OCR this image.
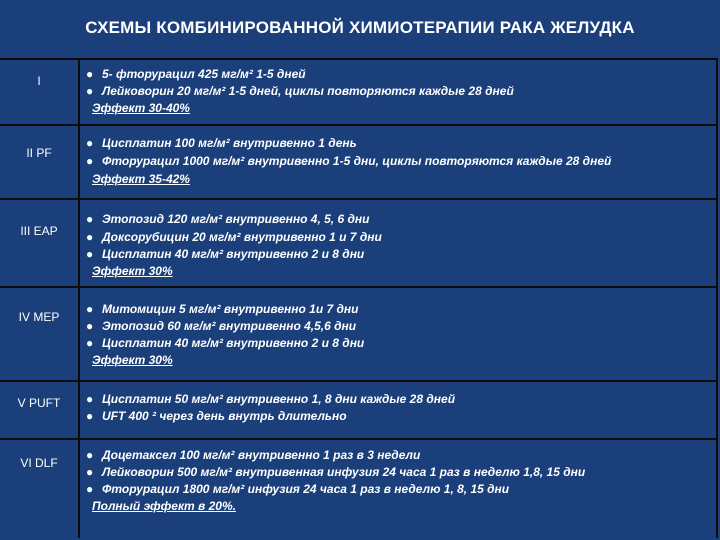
СХЕМЫ КОМБИНИРОВАННОЙ ХИМИОТЕРАПИИ РАКА ЖЕЛУДКА
I	● 5- фторурацил 425 мг/м² 1-5 дней
● Лейковорин 20 мг/м² 1-5 дней, циклы повторяются каждые 28 дней
Эффект 30-40%
II PF
● Цисплатин 100 мг/м² внутривенно 1 день
● Фторурацил 1000 мг/м² внутривенно 1-5 дни, циклы повторяются каждые 28 дней
Эффект 35-42%
III EAP
● Этопозид 120 мг/м² внутривенно 4, 5, 6 дни
● Доксорубицин 20 мг/м² внутривенно 1 и 7 дни
● Цисплатин 40 мг/м² внутривенно 2 и 8 дни
Эффект 30%
IV MEP
● Митомицин 5 мг/м² внутривенно 1и 7 дни
● Этопозид 60 мг/м² внутривенно 4,5,6 дни
● Цисплатин 40 мг/м² внутривенно 2 и 8 дни
Эффект 30%
V PUFT	● Цисплатин 50 мг/м² внутривенно 1, 8 дни каждые 28 дней
● UFT 400 ² через день внутрь длительно
VI DLF
● Доцетаксел 100 мг/м² внутривенно 1 раз в 3 недели
● Лейковорин 500 мг/м² внутривенная инфузия 24 часа 1 раз в неделю 1,8, 15 дни
● Фторурацил 1800 мг/м² инфузия 24 часа 1 раз в неделю 1, 8, 15 дни
Полный эффект в 20%.
